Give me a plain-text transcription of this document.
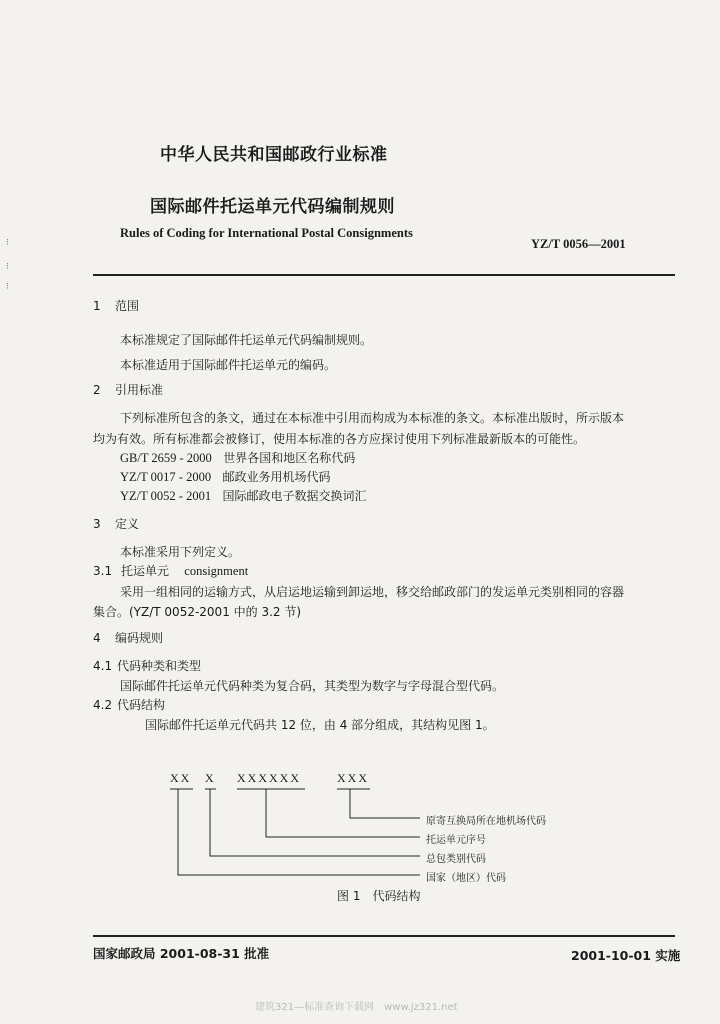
中华人民共和国邮政行业标准
国际邮件托运单元代码编制规则
Rules of Coding for International Postal Consignments
YZ/T 0056—2001
⁝
⁝
⁝
1 范围
本标准规定了国际邮件托运单元代码编制规则。
本标准适用于国际邮件托运单元的编码。
2 引用标准
下列标准所包含的条文，通过在本标准中引用而构成为本标准的条文。本标准出版时，所示版本
均为有效。所有标准都会被修订，使用本标准的各方应探讨使用下列标准最新版本的可能性。
GB/T 2659 - 2000 世界各国和地区名称代码
YZ/T 0017 - 2000 邮政业务用机场代码
YZ/T 0052 - 2001 国际邮政电子数据交换词汇
3 定义
本标准采用下列定义。
3.1 托运单元 consignment
采用一组相同的运输方式，从启运地运输到卸运地，移交给邮政部门的发运单元类别相同的容器
集合。(YZ/T 0052-2001 中的 3.2 节)
4 编码规则
4.1 代码种类和类型
国际邮件托运单元代码种类为复合码，其类型为数字与字母混合型代码。
4.2 代码结构
国际邮件托运单元代码共 12 位，由 4 部分组成，其结构见图 1。
XX X XXXXXX	XXX
原寄互换局所在地机场代码
托运单元序号
总包类别代码
国家（地区）代码
图 1　代码结构
国家邮政局 2001-08-31 批准	2001-10-01 实施
建筑321—标准查询下载网　www.jz321.net
